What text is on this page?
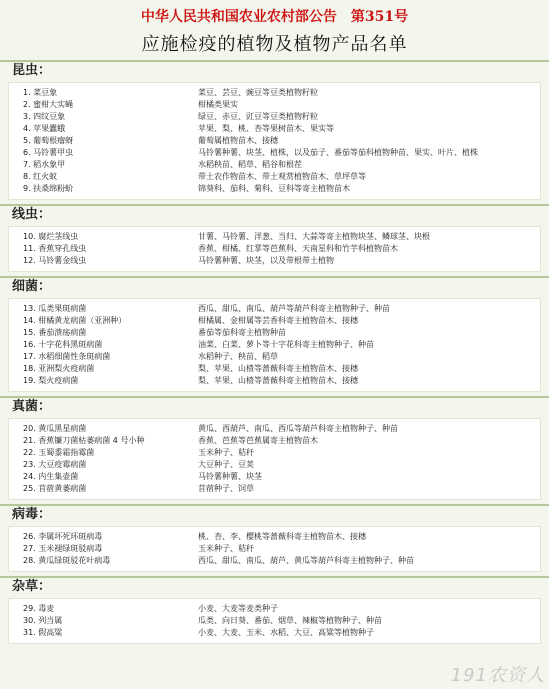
中华人民共和国农业农村部公告　第351号
应施检疫的植物及植物产品名单
昆虫：
1. 菜豆象	菜豆、芸豆、豌豆等豆类植物籽粒
2. 蜜柑大实蝇	柑橘类果实
3. 四纹豆象	绿豆、赤豆、豇豆等豆类植物籽粒
4. 苹果蠹蛾	苹果、梨、桃、杏等果树苗木、果实等
5. 葡萄根瘤蚜	葡萄属植物苗木、接穗
6. 马铃薯甲虫	马铃薯种薯、块茎、植株，以及茄子、番茄等茄科植物种苗、果实、叶片、植株
7. 稻水象甲	水稻秧苗、稻草、稻谷和根茬
8. 红火蚁	带土农作物苗木、带土观赏植物苗木、草坪草等
9. 扶桑绵粉蚧	锦葵科、茄科、菊科、豆科等寄主植物苗木
线虫：
10. 腐烂茎线虫	甘薯、马铃薯、洋葱、当归、大蒜等寄主植物块茎、鳞球茎、块根
11. 香蕉穿孔线虫	香蕉、柑橘、红掌等芭蕉科、天南星科和竹芋科植物苗木
12. 马铃薯金线虫	马铃薯种薯、块茎，以及带根带土植物
细菌：
13. 瓜类果斑病菌	西瓜、甜瓜、南瓜、葫芦等葫芦科寄主植物种子、种苗
14. 柑橘黄龙病菌（亚洲种）	柑橘属、金柑属等芸香科寄主植物苗木、接穗
15. 番茄溃疡病菌	番茄等茄科寄主植物种苗
16. 十字花科黑斑病菌	油菜、白菜、萝卜等十字花科寄主植物种子、种苗
17. 水稻细菌性条斑病菌	水稻种子、秧苗、稻草
18. 亚洲梨火疫病菌	梨、苹果、山楂等蔷薇科寄主植物苗木、接穗
19. 梨火疫病菌	梨、苹果、山楂等蔷薇科寄主植物苗木、接穗
真菌：
20. 黄瓜黑星病菌	黄瓜、西葫芦、南瓜、西瓜等葫芦科寄主植物种子、种苗
21. 香蕉镰刀菌枯萎病菌 4 号小种	香蕉、芭蕉等芭蕉属寄主植物苗木
22. 玉蜀黍霜指霉菌	玉米种子、秸秆
23. 大豆疫霉病菌	大豆种子、豆荚
24. 内生集壶菌	马铃薯种薯、块茎
25. 苜蓿黄萎病菌	苜蓿种子、饲草
病毒：
26. 李属坏死环斑病毒	桃、杏、李、樱桃等蔷薇科寄主植物苗木、接穗
27. 玉米褪绿斑驳病毒	玉米种子、秸秆
28. 黄瓜绿斑驳花叶病毒	西瓜、甜瓜、南瓜、葫芦、黄瓜等葫芦科寄主植物种子、种苗
杂草：
29. 毒麦	小麦、大麦等麦类种子
30. 列当属	瓜类、向日葵、番茄、烟草、辣椒等植物种子、种苗
31. 假高粱	小麦、大麦、玉米、水稻、大豆、高粱等植物种子
191农资人
